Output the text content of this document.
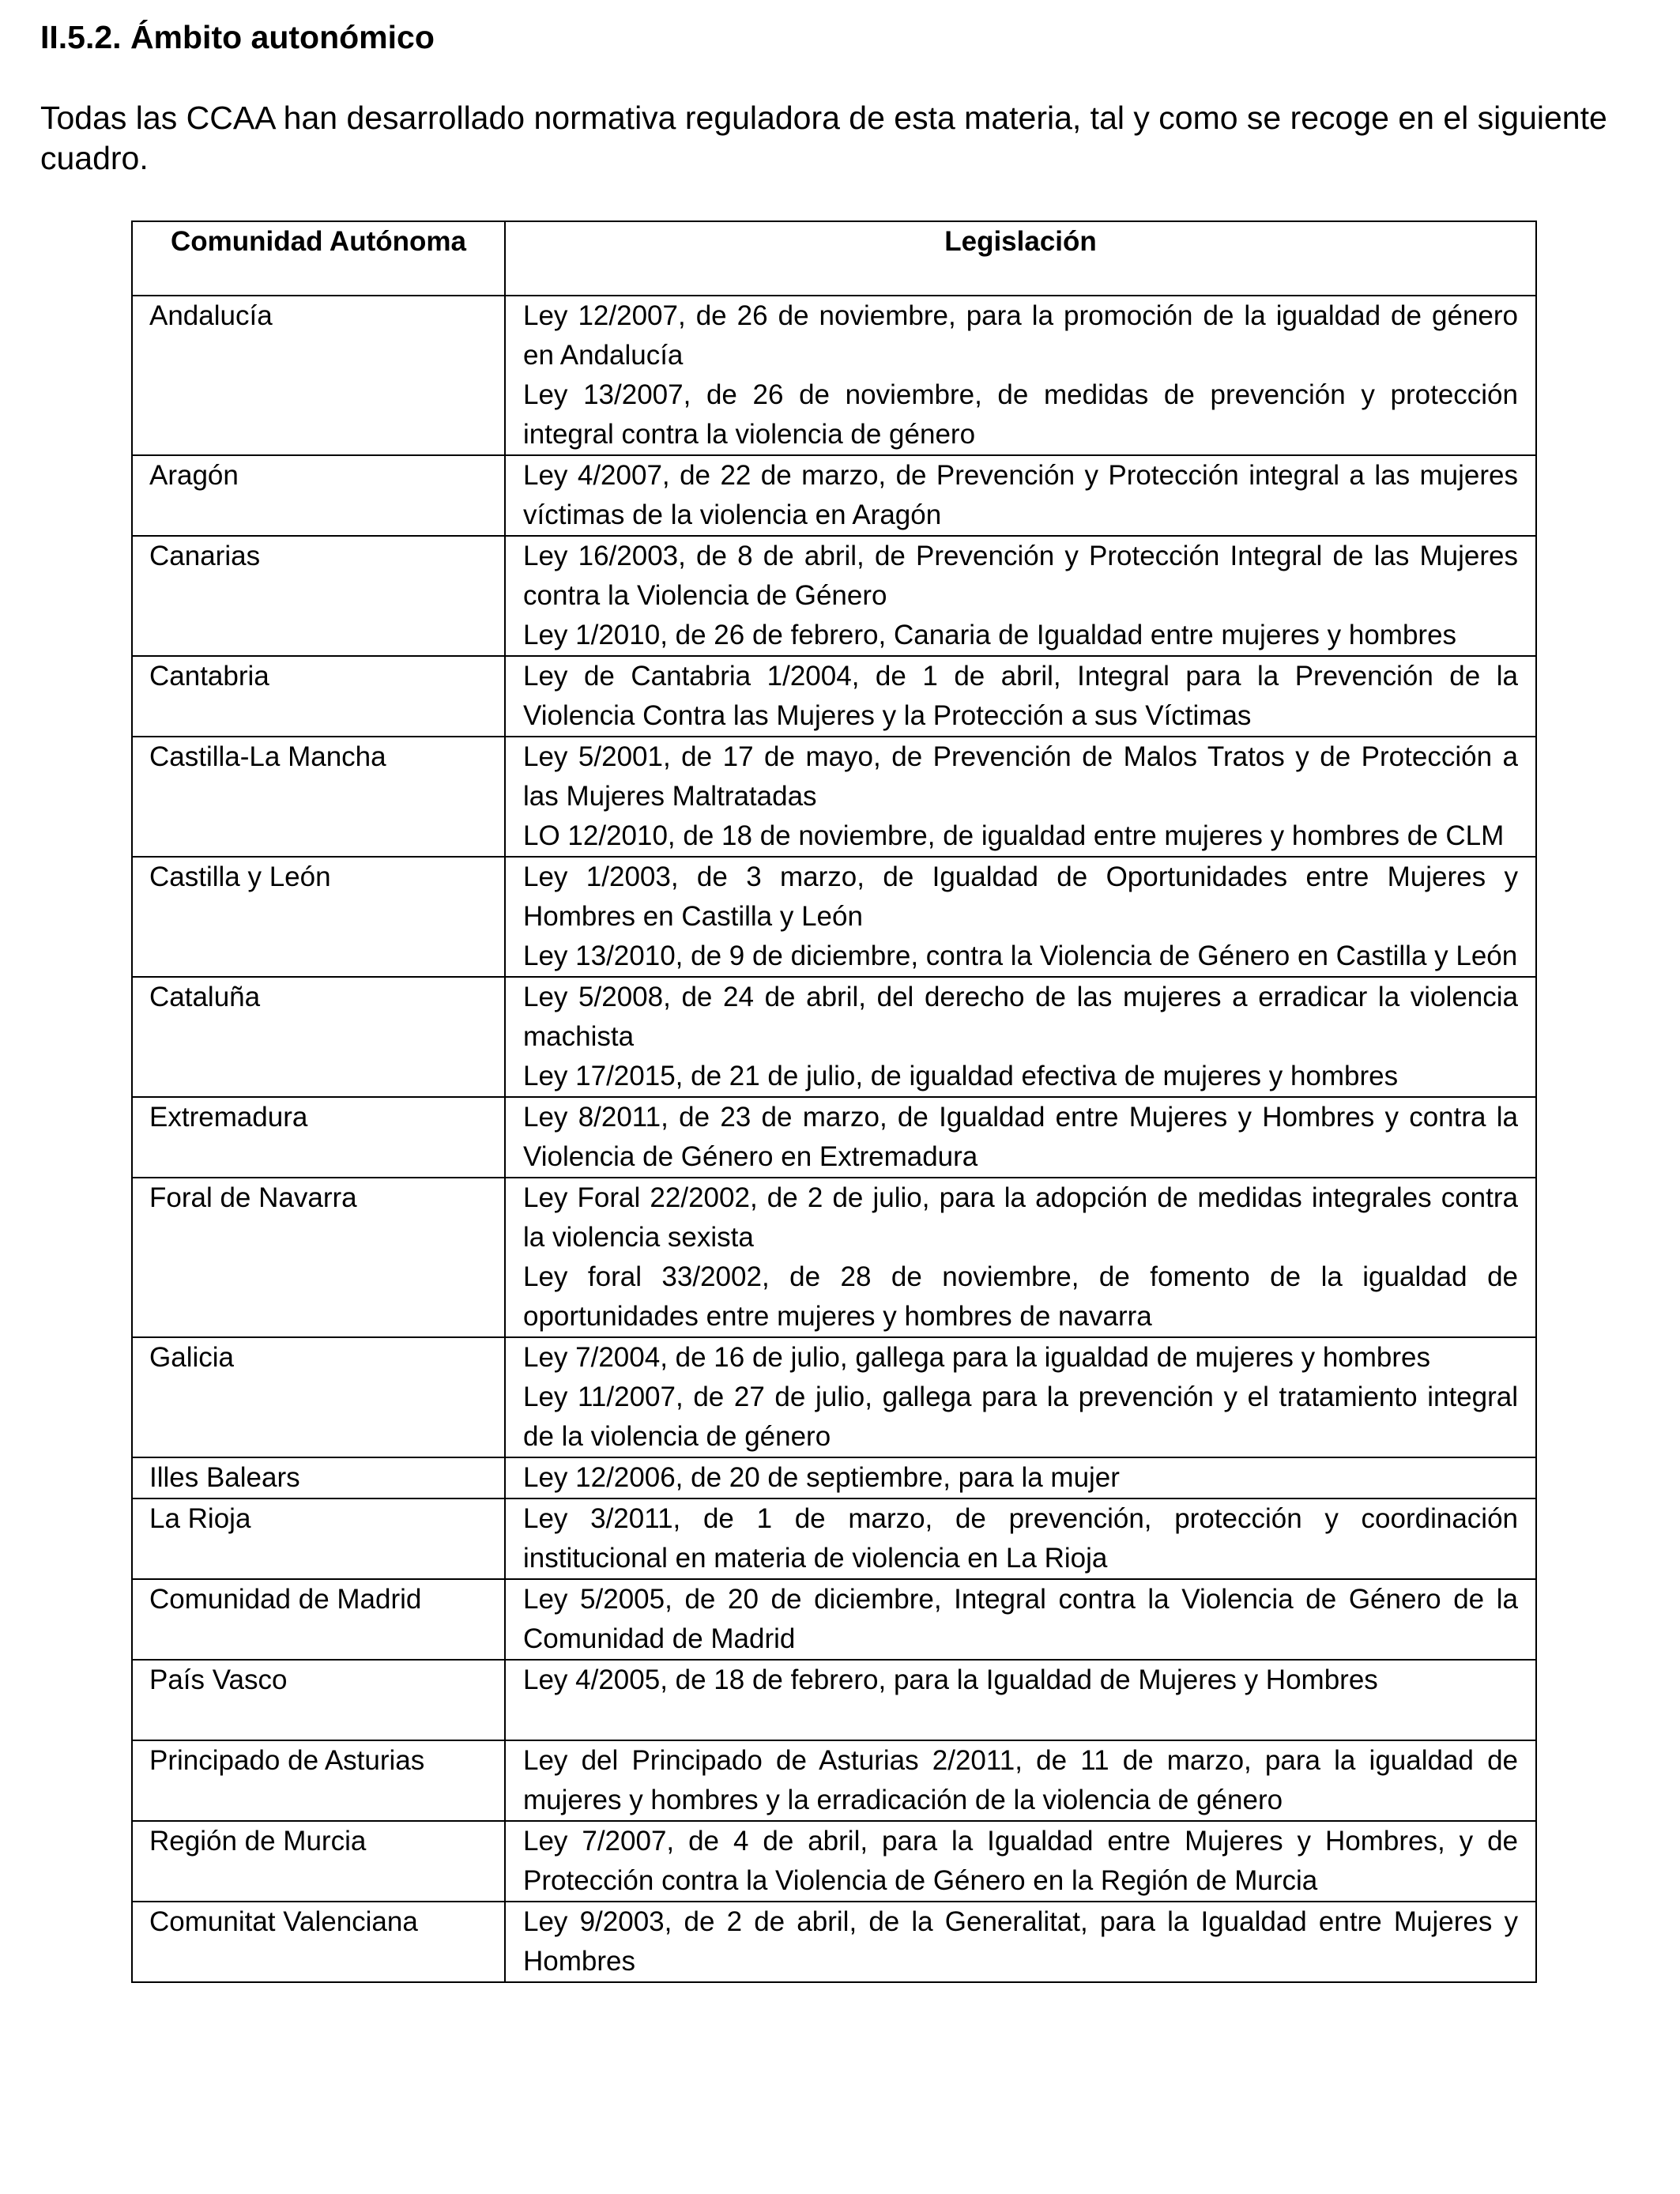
II.5.2. Ámbito autonómico

Todas las CCAA han desarrollado normativa reguladora de esta materia, tal y como se recoge en el siguiente cuadro.

Comunidad Autónoma	Legislación
Andalucía	Ley 12/2007, de 26 de noviembre, para la promoción de la igualdad de género en Andalucía
Ley 13/2007, de 26 de noviembre, de medidas de prevención y protección integral contra la violencia de género

Aragón	Ley 4/2007, de 22 de marzo, de Prevención y Protección integral a las mujeres víctimas de la violencia en Aragón

Canarias	Ley 16/2003, de 8 de abril, de Prevención y Protección Integral de las Mujeres contra la Violencia de Género
Ley 1/2010, de 26 de febrero, Canaria de Igualdad entre mujeres y hombres

Cantabria	Ley de Cantabria 1/2004, de 1 de abril, Integral para la Prevención de la Violencia Contra las Mujeres y la Protección a sus Víctimas

Castilla-La Mancha	Ley 5/2001, de 17 de mayo, de Prevención de Malos Tratos y de Protección a las Mujeres Maltratadas
LO 12/2010, de 18 de noviembre, de igualdad entre mujeres y hombres de CLM

Castilla y León	Ley 1/2003, de 3 marzo, de Igualdad de Oportunidades entre Mujeres y Hombres en Castilla y León
Ley 13/2010, de 9 de diciembre, contra la Violencia de Género en Castilla y León

Cataluña	Ley 5/2008, de 24 de abril, del derecho de las mujeres a erradicar la violencia machista
Ley 17/2015, de 21 de julio, de igualdad efectiva de mujeres y hombres

Extremadura	Ley 8/2011, de 23 de marzo, de Igualdad entre Mujeres y Hombres y contra la Violencia de Género en Extremadura

Foral de Navarra	Ley Foral 22/2002, de 2 de julio, para la adopción de medidas integrales contra la violencia sexista
Ley foral 33/2002, de 28 de noviembre, de fomento de la igualdad de oportunidades entre mujeres y hombres de navarra

Galicia	Ley 7/2004, de 16 de julio, gallega para la igualdad de mujeres y hombres
Ley 11/2007, de 27 de julio, gallega para la prevención y el tratamiento integral de la violencia de género

Illes Balears	Ley 12/2006, de 20 de septiembre, para la mujer

La Rioja	Ley 3/2011, de 1 de marzo, de prevención, protección y coordinación institucional en materia de violencia en La Rioja

Comunidad de Madrid	Ley 5/2005, de 20 de diciembre, Integral contra la Violencia de Género de la Comunidad de Madrid

País Vasco	Ley 4/2005, de 18 de febrero, para la Igualdad de Mujeres y Hombres

Principado de Asturias	Ley del Principado de Asturias 2/2011, de 11 de marzo, para la igualdad de mujeres y hombres y la erradicación de la violencia de género

Región de Murcia	Ley 7/2007, de 4 de abril, para la Igualdad entre Mujeres y Hombres, y de Protección contra la Violencia de Género en la Región de Murcia

Comunitat Valenciana	Ley 9/2003, de 2 de abril, de la Generalitat, para la Igualdad entre Mujeres y Hombres
